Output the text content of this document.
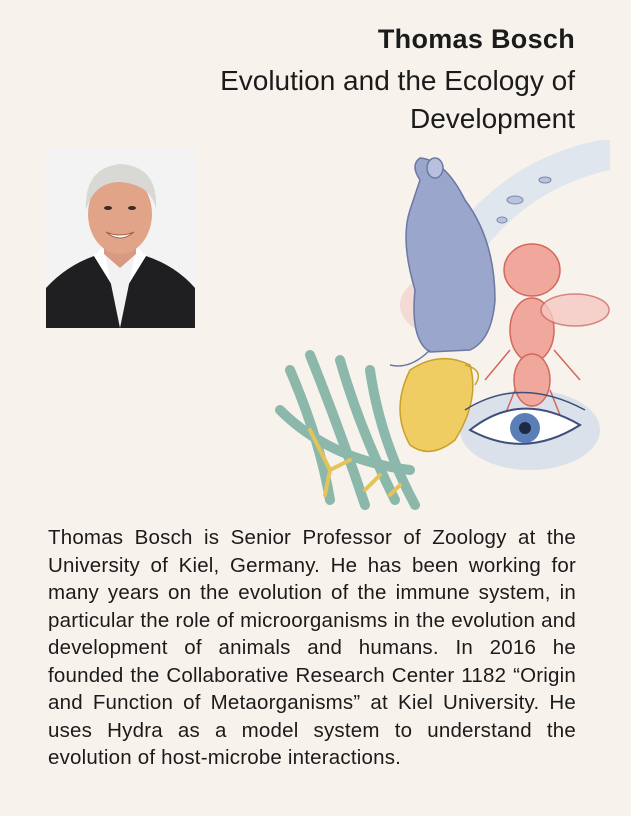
Thomas Bosch
Evolution and the Ecology of Development

Thomas Bosch is Senior Professor of Zoology at the University of Kiel, Germany. He has been working for many years on the evolution of the immune system, in particular the role of microorganisms in the evolution and development of animals and humans. In 2016 he founded the Collaborative Research Center 1182 “Origin and Function of Metaorganisms” at Kiel University. He uses Hydra as a model system to understand the evolution of host-microbe interactions.
